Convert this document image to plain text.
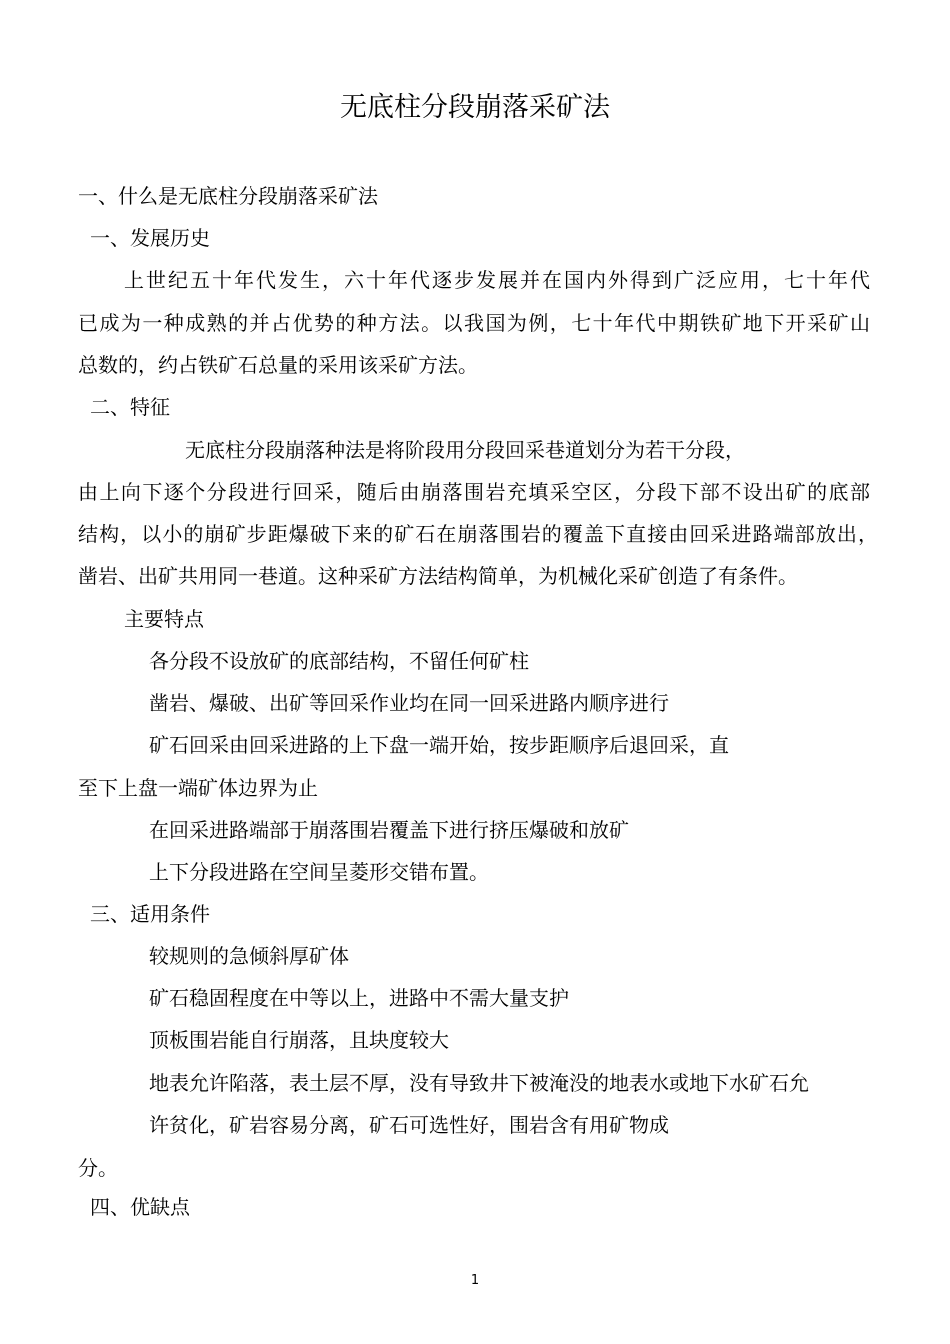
无底柱分段崩落采矿法
一、什么是无底柱分段崩落采矿法
一、发展历史
上世纪五十年代发生，六十年代逐步发展并在国内外得到广泛应用，七十年代
已成为一种成熟的并占优势的种方法。以我国为例，七十年代中期铁矿地下开采矿山
总数的，约占铁矿石总量的采用该采矿方法。
二、特征
无底柱分段崩落种法是将阶段用分段回采巷道划分为若干分段，
由上向下逐个分段进行回采，随后由崩落围岩充填采空区，分段下部不设出矿的底部
结构，以小的崩矿步距爆破下来的矿石在崩落围岩的覆盖下直接由回采进路端部放出，
凿岩、出矿共用同一巷道。这种采矿方法结构简单，为机械化采矿创造了有条件。
主要特点
各分段不设放矿的底部结构，不留任何矿柱
凿岩、爆破、出矿等回采作业均在同一回采进路内顺序进行
矿石回采由回采进路的上下盘一端开始，按步距顺序后退回采，直
至下上盘一端矿体边界为止
在回采进路端部于崩落围岩覆盖下进行挤压爆破和放矿
上下分段进路在空间呈菱形交错布置。
三、适用条件
较规则的急倾斜厚矿体
矿石稳固程度在中等以上，进路中不需大量支护
顶板围岩能自行崩落，且块度较大
地表允许陷落，表土层不厚，没有导致井下被淹没的地表水或地下水矿石允
许贫化，矿岩容易分离，矿石可选性好，围岩含有用矿物成
分。
四、优缺点
1
